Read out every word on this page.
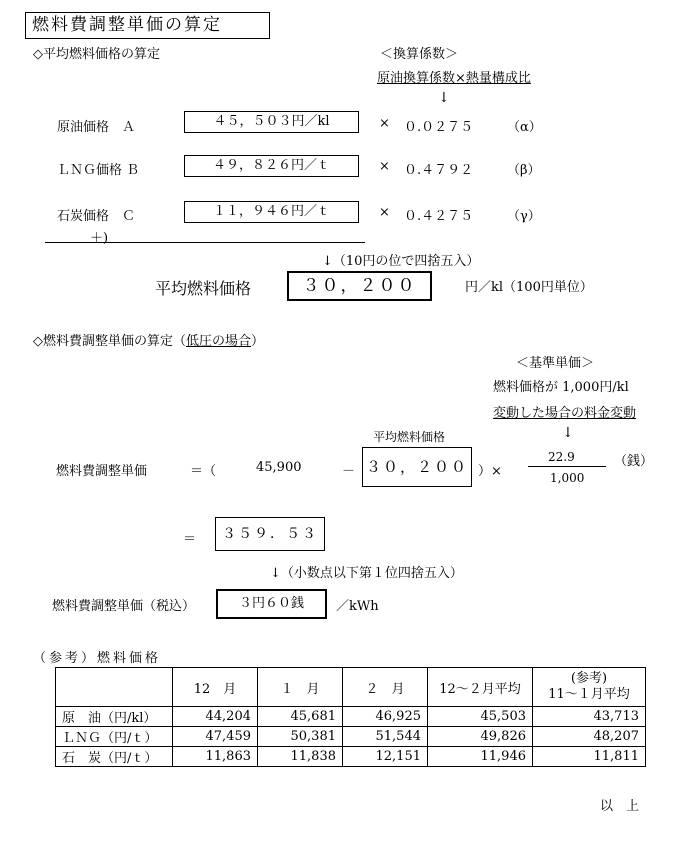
燃料費調整単価の算定
◇平均燃料価格の算定	＜換算係数＞
原油換算係数×熱量構成比
↓
原油価格　Ａ	４５，５０３円／kl	× ０.０２７５	（α）
ＬＮＧ価格 Ｂ	４９，８２６円／ｔ	× ０.４７９２	（β）
石炭価格　Ｃ	１１，９４６円／ｔ	× ０.４２７５	（γ）
＋)
↓（10円の位で四捨五入）
平均燃料価格	３０，２００	円／kl（100円単位）
◇燃料費調整単価の算定（低圧の場合）
＜基準単価＞
燃料価格が 1,000円/kl
変動した場合の料金変動
↓
平均燃料価格
燃料費調整単価	＝（	45,900	－ ３０，２００ ）×
22.9
1,000
（銭）
＝	３５９．５３
↓（小数点以下第１位四捨五入）
燃料費調整単価（税込）	３円６０銭	／kWh
（参考）燃料価格
	12　月	１　月	２　月	12～２月平均	(参考)
11～１月平均
原　油（円/kl）	44,204	45,681	46,925	45,503	43,713
ＬＮＧ（円/ｔ）	47,459	50,381	51,544	49,826	48,207
石　炭（円/ｔ）	11,863	11,838	12,151	11,946	11,811
以　上
